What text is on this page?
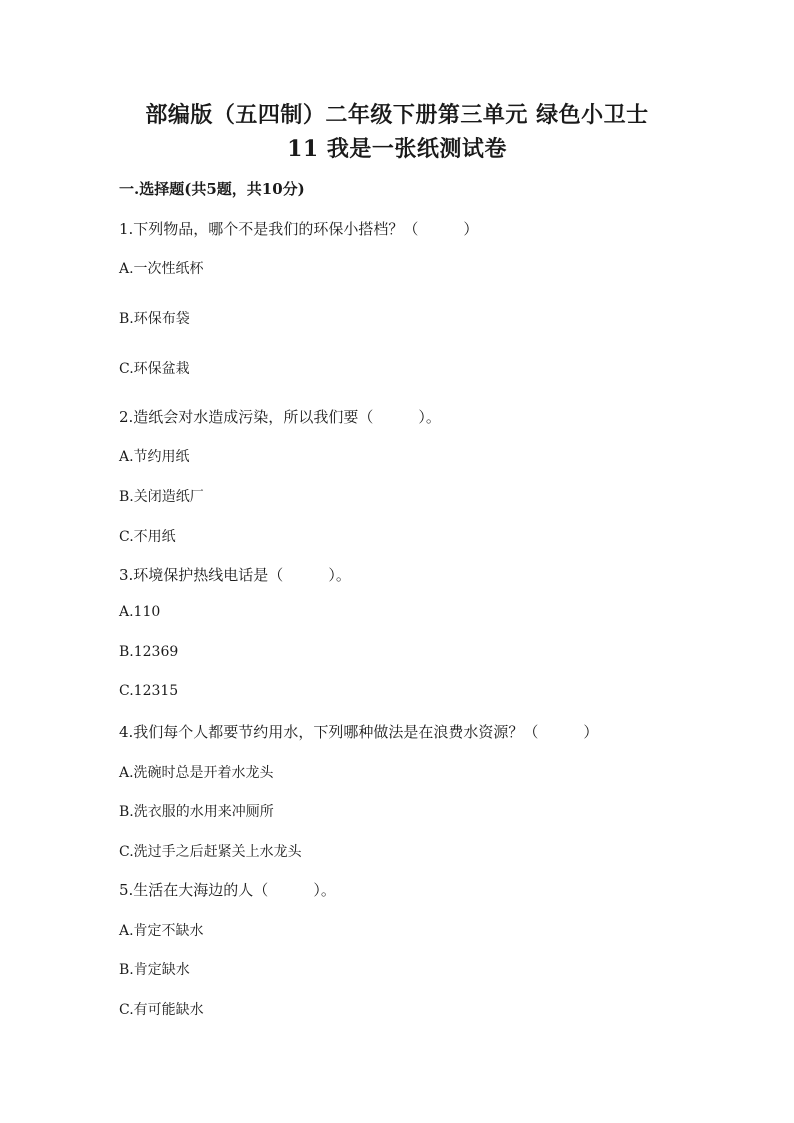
部编版（五四制）二年级下册第三单元 绿色小卫士
11 我是一张纸测试卷
一.选择题(共5题，共10分)
1.下列物品，哪个不是我们的环保小搭档？（　　　）
A.一次性纸杯
B.环保布袋
C.环保盆栽
2.造纸会对水造成污染，所以我们要（　　　）。
A.节约用纸
B.关闭造纸厂
C.不用纸
3.环境保护热线电话是（　　　）。
A.110
B.12369
C.12315
4.我们每个人都要节约用水，下列哪种做法是在浪费水资源？（　　　）
A.洗碗时总是开着水龙头
B.洗衣服的水用来冲厕所
C.洗过手之后赶紧关上水龙头
5.生活在大海边的人（　　　）。
A.肯定不缺水
B.肯定缺水
C.有可能缺水
